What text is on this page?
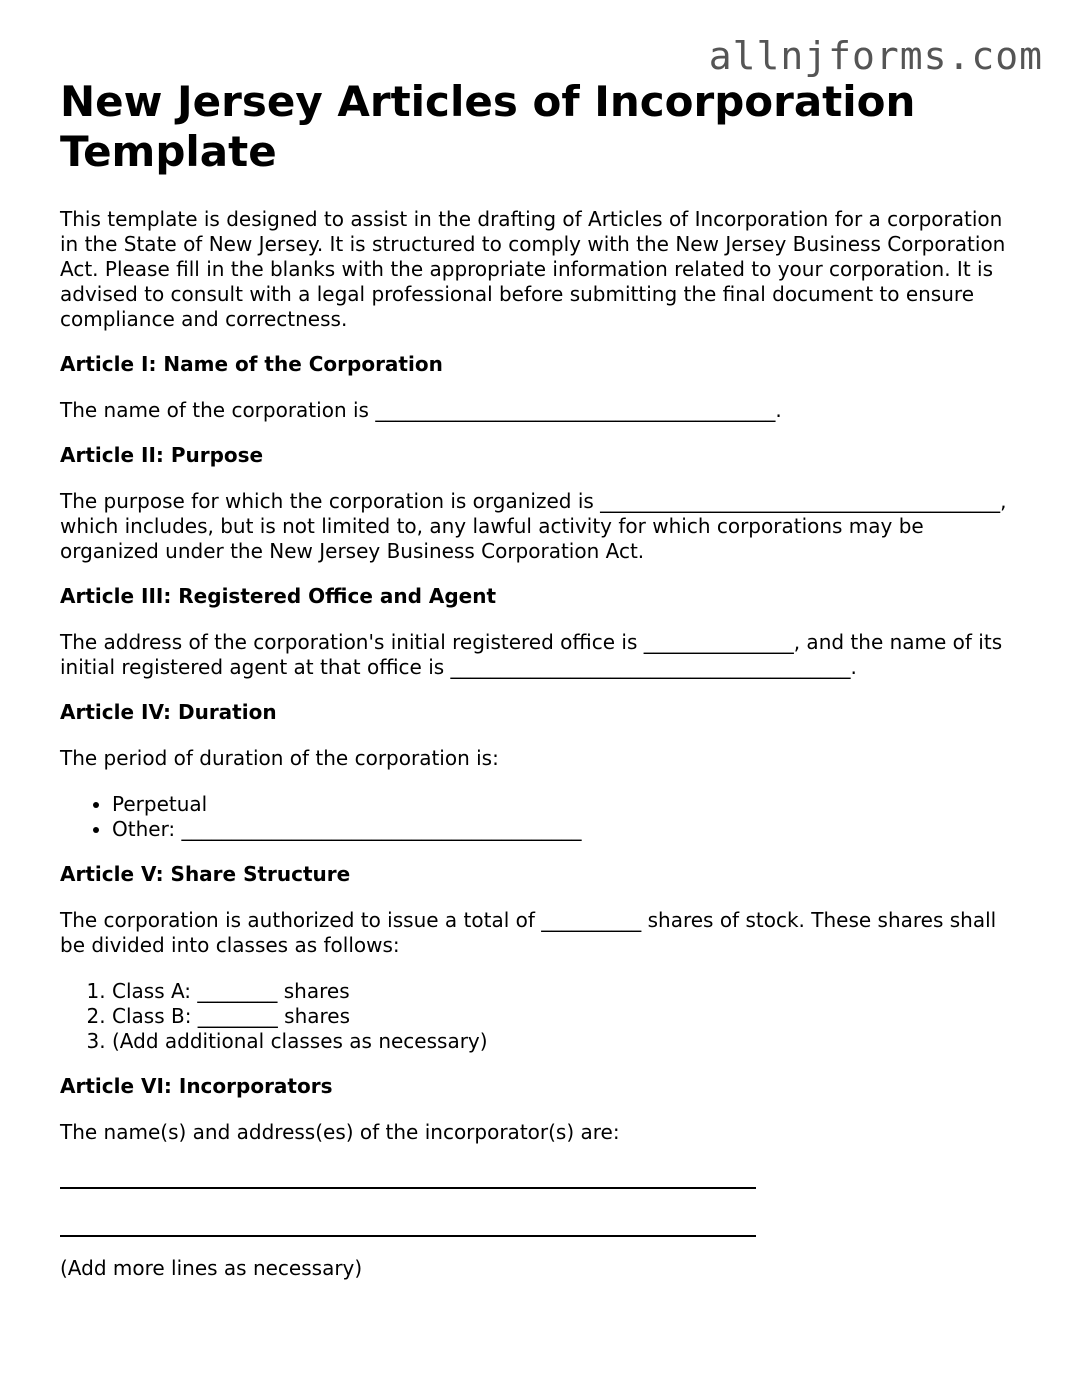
allnjforms.com
New Jersey Articles of Incorporation Template

This template is designed to assist in the drafting of Articles of Incorporation for a corporation in the State of New Jersey. It is structured to comply with the New Jersey Business Corporation Act. Please fill in the blanks with the appropriate information related to your corporation. It is advised to consult with a legal professional before submitting the final document to ensure compliance and correctness.

Article I: Name of the Corporation

The name of the corporation is ________________________________________.

Article II: Purpose

The purpose for which the corporation is organized is ________________________________________, which includes, but is not limited to, any lawful activity for which corporations may be organized under the New Jersey Business Corporation Act.

Article III: Registered Office and Agent

The address of the corporation's initial registered office is _______________, and the name of its initial registered agent at that office is ________________________________________.

Article IV: Duration

The period of duration of the corporation is:

• Perpetual
• Other: ________________________________________
Article V: Share Structure

The corporation is authorized to issue a total of __________ shares of stock. These shares shall be divided into classes as follows:

1. Class A: ________ shares
2. Class B: ________ shares
3. (Add additional classes as necessary)
Article VI: Incorporators

The name(s) and address(es) of the incorporator(s) are:

(Add more lines as necessary)
